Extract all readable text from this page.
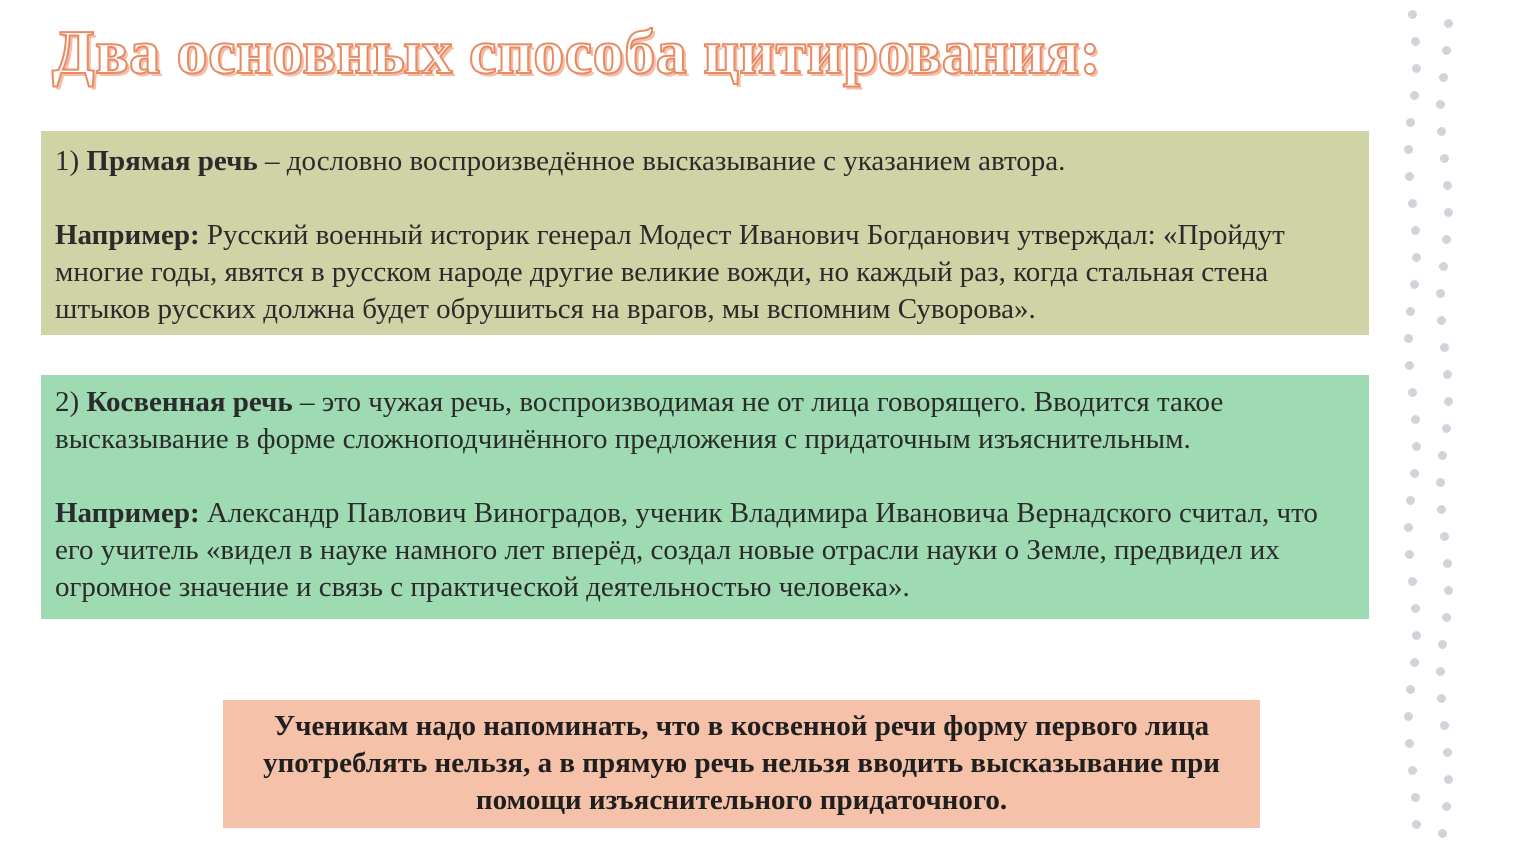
Два основных способа цитирования:

1) Прямая речь – дословно воспроизведённое высказывание с указанием автора.

Например: Русский военный историк генерал Модест Иванович Богданович утверждал: «Пройдут многие годы, явятся в русском народе другие великие вожди, но каждый раз, когда стальная стена штыков русских должна будет обрушиться на врагов, мы вспомним Суворова».

2) Косвенная речь – это чужая речь, воспроизводимая не от лица говорящего. Вводится такое высказывание в форме сложноподчинённого предложения с придаточным изъяснительным.

Например: Александр Павлович Виноградов, ученик Владимира Ивановича Вернадского считал, что его учитель «видел в науке намного лет вперёд, создал новые отрасли науки о Земле, предвидел их огромное значение и связь с практической деятельностью человека».

Ученикам надо напоминать, что в косвенной речи форму первого лица употреблять нельзя, а в прямую речь нельзя вводить высказывание при помощи изъяснительного придаточного.
